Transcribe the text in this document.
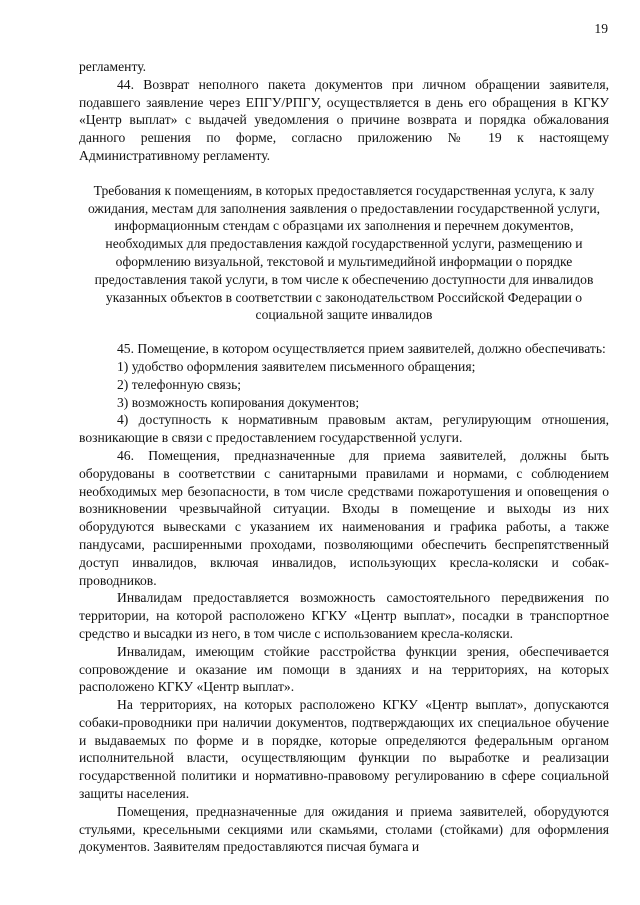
19

регламенту.

44. Возврат неполного пакета документов при личном обращении заявителя, подавшего заявление через ЕПГУ/РПГУ, осуществляется в день его обращения в КГКУ «Центр выплат» с выдачей уведомления о причине возврата и порядка обжалования данного решения по форме, согласно приложению № 19 к настоящему Административному регламенту.

Требования к помещениям, в которых предоставляется государственная услуга, к залу ожидания, местам для заполнения заявления о предоставлении государственной услуги, информационным стендам с образцами их заполнения и перечнем документов, необходимых для предоставления каждой государственной услуги, размещению и оформлению визуальной, текстовой и мультимедийной информации о порядке предоставления такой услуги, в том числе к обеспечению доступности для инвалидов указанных объектов в соответствии с законодательством Российской Федерации о социальной защите инвалидов

45. Помещение, в котором осуществляется прием заявителей, должно обеспечивать:

1) удобство оформления заявителем письменного обращения;

2) телефонную связь;

3) возможность копирования документов;

4) доступность к нормативным правовым актам, регулирующим отношения, возникающие в связи с предоставлением государственной услуги.

46. Помещения, предназначенные для приема заявителей, должны быть оборудованы в соответствии с санитарными правилами и нормами, с соблюдением необходимых мер безопасности, в том числе средствами пожаротушения и оповещения о возникновении чрезвычайной ситуации. Входы в помещение и выходы из них оборудуются вывесками с указанием их наименования и графика работы, а также пандусами, расширенными проходами, позволяющими обеспечить беспрепятственный доступ инвалидов, включая инвалидов, использующих кресла-коляски и собак-проводников.

Инвалидам предоставляется возможность самостоятельного передвижения по территории, на которой расположено КГКУ «Центр выплат», посадки в транспортное средство и высадки из него, в том числе с использованием кресла-коляски.

Инвалидам, имеющим стойкие расстройства функции зрения, обеспечивается сопровождение и оказание им помощи в зданиях и на территориях, на которых расположено КГКУ «Центр выплат».

На территориях, на которых расположено КГКУ «Центр выплат», допускаются собаки-проводники при наличии документов, подтверждающих их специальное обучение и выдаваемых по форме и в порядке, которые определяются федеральным органом исполнительной власти, осуществляющим функции по выработке и реализации государственной политики и нормативно-правовому регулированию в сфере социальной защиты населения.

Помещения, предназначенные для ожидания и приема заявителей, оборудуются стульями, кресельными секциями или скамьями, столами (стойками) для оформления документов. Заявителям предоставляются писчая бумага и
